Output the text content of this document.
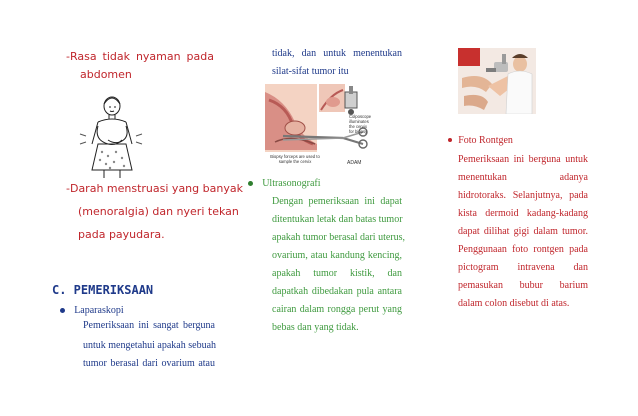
-Rasa tidak nyaman pada
abdomen
-Darah menstruasi yang banyak
(menoralgia) dan nyeri tekan
pada payudara.
C. PEMERIKSAAN
Laparaskopi
Pemeriksaan ini sangat berguna
untuk mengetahui apakah sebuah
tumor berasal dari ovarium atau
tidak, dan untuk menentukan
silat-sifat tumor itu
Colposcope
illuminates
the cervix
for biopsy
Biopsy forceps are used to sample the cervix	ADAM
Ultrasonografi
Dengan pemeriksaan ini dapat
ditentukan letak dan batas tumor
apakah tumor berasal dari uterus,
ovarium, atau kandung kencing,
apakah tumor kistik, dan
dapatkah dibedakan pula antara
cairan dalam rongga perut yang
bebas dan yang tidak.
Foto Rontgen
Pemeriksaan ini berguna untuk
menentukan adanya
hidrotoraks. Selanjutnya, pada
kista dermoid kadang-kadang
dapat dilihat gigi dalam tumor.
Penggunaan foto rontgen pada
pictogram intravena dan
pemasukan bubur barium
dalam colon disebut di atas.
